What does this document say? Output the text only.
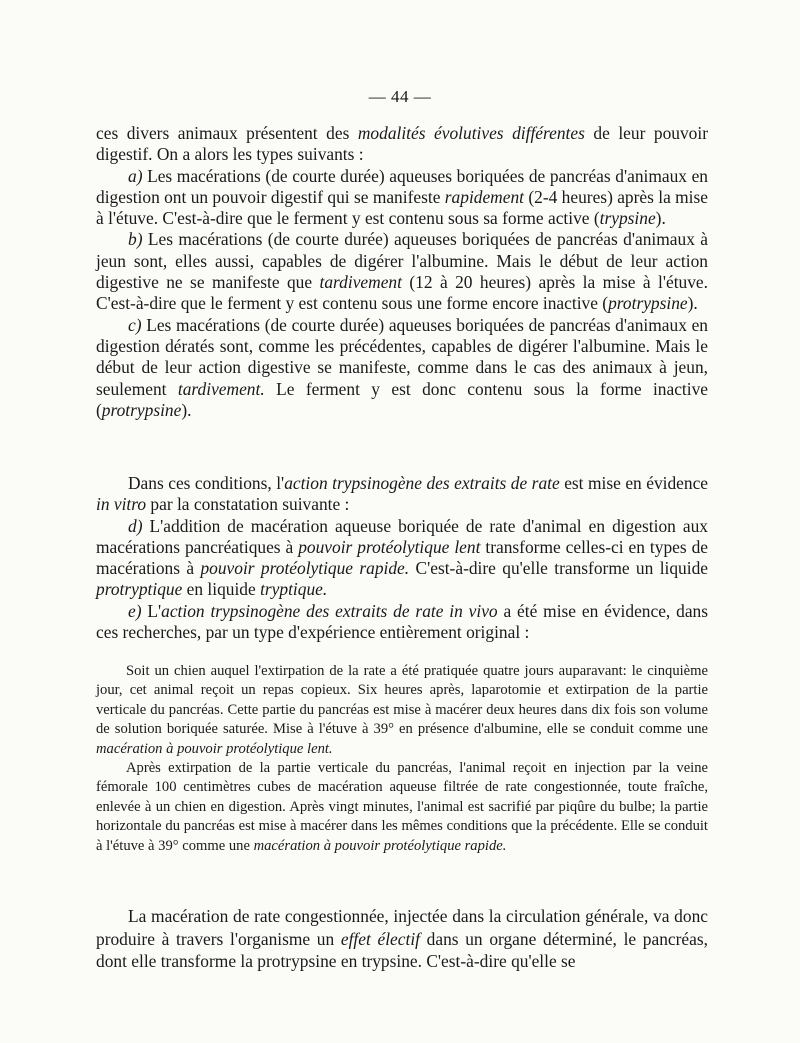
— 44 —

ces divers animaux présentent des modalités évolutives différentes de leur pouvoir digestif. On a alors les types suivants :

a) Les macérations (de courte durée) aqueuses boriquées de pancréas d'animaux en digestion ont un pouvoir digestif qui se manifeste rapidement (2-4 heures) après la mise à l'étuve. C'est-à-dire que le ferment y est contenu sous sa forme active (trypsine).

b) Les macérations (de courte durée) aqueuses boriquées de pancréas d'animaux à jeun sont, elles aussi, capables de digérer l'albumine. Mais le début de leur action digestive ne se manifeste que tardivement (12 à 20 heures) après la mise à l'étuve. C'est-à-dire que le ferment y est contenu sous une forme encore inactive (protrypsine).

c) Les macérations (de courte durée) aqueuses boriquées de pancréas d'animaux en digestion dératés sont, comme les précédentes, capables de digérer l'albumine. Mais le début de leur action digestive se manifeste, comme dans le cas des animaux à jeun, seulement tardivement. Le ferment y est donc contenu sous la forme inactive (protrypsine).

Dans ces conditions, l'action trypsinogène des extraits de rate est mise en évidence in vitro par la constatation suivante :

d) L'addition de macération aqueuse boriquée de rate d'animal en digestion aux macérations pancréatiques à pouvoir protéolytique lent transforme celles-ci en types de macérations à pouvoir protéolytique rapide. C'est-à-dire qu'elle transforme un liquide protryptique en liquide tryptique.

e) L'action trypsinogène des extraits de rate in vivo a été mise en évidence, dans ces recherches, par un type d'expérience entièrement original :

Soit un chien auquel l'extirpation de la rate a été pratiquée quatre jours auparavant: le cinquième jour, cet animal reçoit un repas copieux. Six heures après, laparotomie et extirpation de la partie verticale du pancréas. Cette partie du pancréas est mise à macérer deux heures dans dix fois son volume de solution boriquée saturée. Mise à l'étuve à 39° en présence d'albumine, elle se conduit comme une macération à pouvoir protéolytique lent.

Après extirpation de la partie verticale du pancréas, l'animal reçoit en injection par la veine fémorale 100 centimètres cubes de macération aqueuse filtrée de rate congestionnée, toute fraîche, enlevée à un chien en digestion. Après vingt minutes, l'animal est sacrifié par piqûre du bulbe; la partie horizontale du pancréas est mise à macérer dans les mêmes conditions que la précédente. Elle se conduit à l'étuve à 39° comme une macération à pouvoir protéolytique rapide.

La macération de rate congestionnée, injectée dans la circulation générale, va donc produire à travers l'organisme un effet électif dans un organe déterminé, le pancréas, dont elle transforme la protrypsine en trypsine. C'est-à-dire qu'elle se
